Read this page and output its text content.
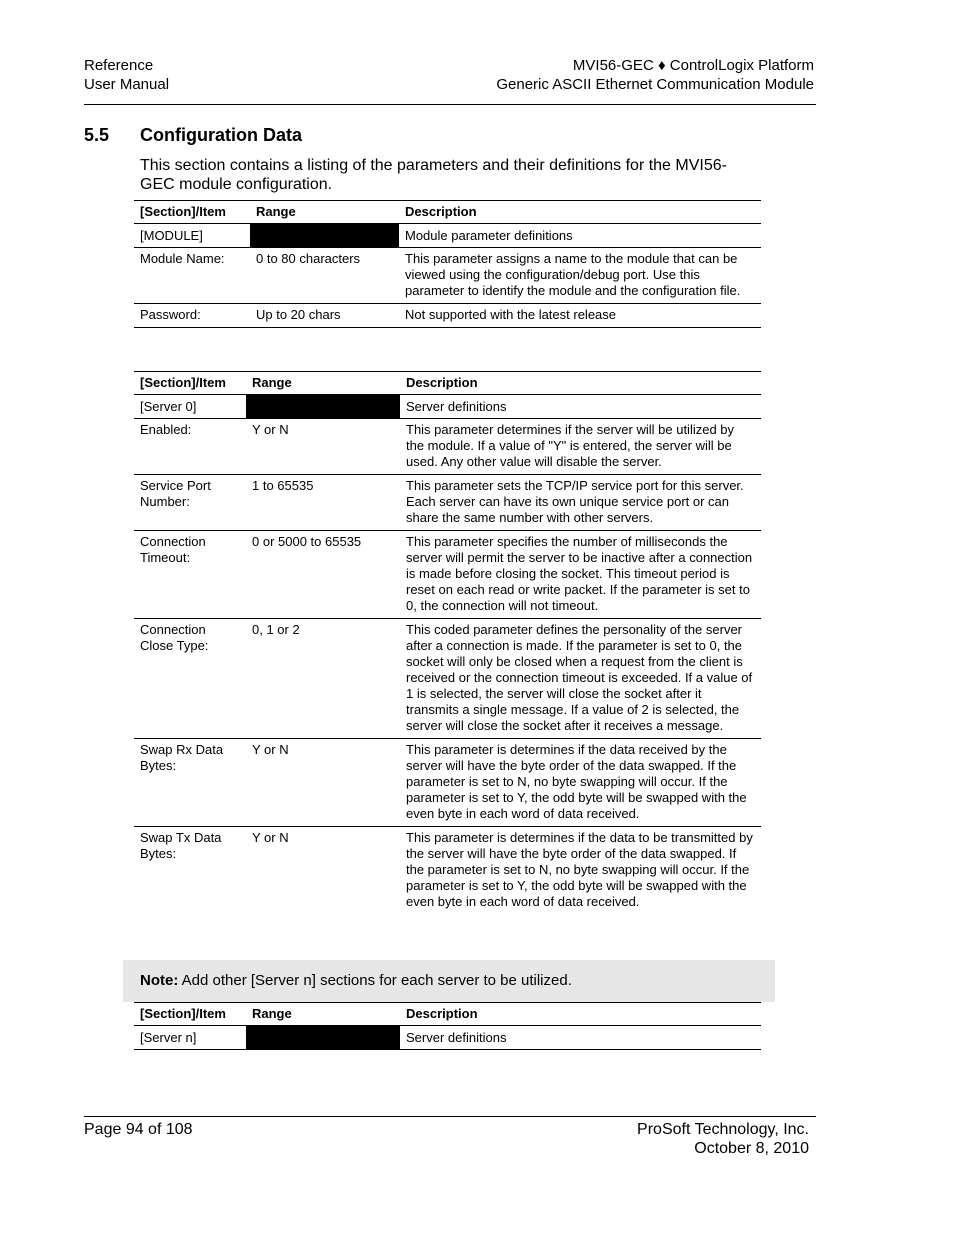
Reference
User Manual
MVI56-GEC ♦ ControlLogix Platform
Generic ASCII Ethernet Communication Module
5.5 Configuration Data
This section contains a listing of the parameters and their definitions for the MVI56-GEC module configuration.
[Section]/Item	Range	Description
[MODULE]		Module parameter definitions
Module Name:	0 to 80 characters	This parameter assigns a name to the module that can be viewed using the configuration/debug port. Use this parameter to identify the module and the configuration file.
Password:	Up to 20 chars	Not supported with the latest release
[Section]/Item	Range	Description
[Server 0]		Server definitions
Enabled:	Y or N	This parameter determines if the server will be utilized by the module. If a value of "Y" is entered, the server will be used. Any other value will disable the server.
Service Port Number:	1 to 65535	This parameter sets the TCP/IP service port for this server. Each server can have its own unique service port or can share the same number with other servers.
Connection Timeout:	0 or 5000 to 65535	This parameter specifies the number of milliseconds the server will permit the server to be inactive after a connection is made before closing the socket. This timeout period is reset on each read or write packet. If the parameter is set to 0, the connection will not timeout.
Connection Close Type:	0, 1 or 2	This coded parameter defines the personality of the server after a connection is made. If the parameter is set to 0, the socket will only be closed when a request from the client is received or the connection timeout is exceeded. If a value of 1 is selected, the server will close the socket after it transmits a single message. If a value of 2 is selected, the server will close the socket after it receives a message.
Swap Rx Data Bytes:	Y or N	This parameter is determines if the data received by the server will have the byte order of the data swapped. If the parameter is set to N, no byte swapping will occur. If the parameter is set to Y, the odd byte will be swapped with the even byte in each word of data received.
Swap Tx Data Bytes:	Y or N	This parameter is determines if the data to be transmitted by the server will have the byte order of the data swapped. If the parameter is set to N, no byte swapping will occur. If the parameter is set to Y, the odd byte will be swapped with the even byte in each word of data received.
Note: Add other [Server n] sections for each server to be utilized.
[Section]/Item	Range	Description
[Server n]		Server definitions
Page 94 of 108	ProSoft Technology, Inc.
October 8, 2010
